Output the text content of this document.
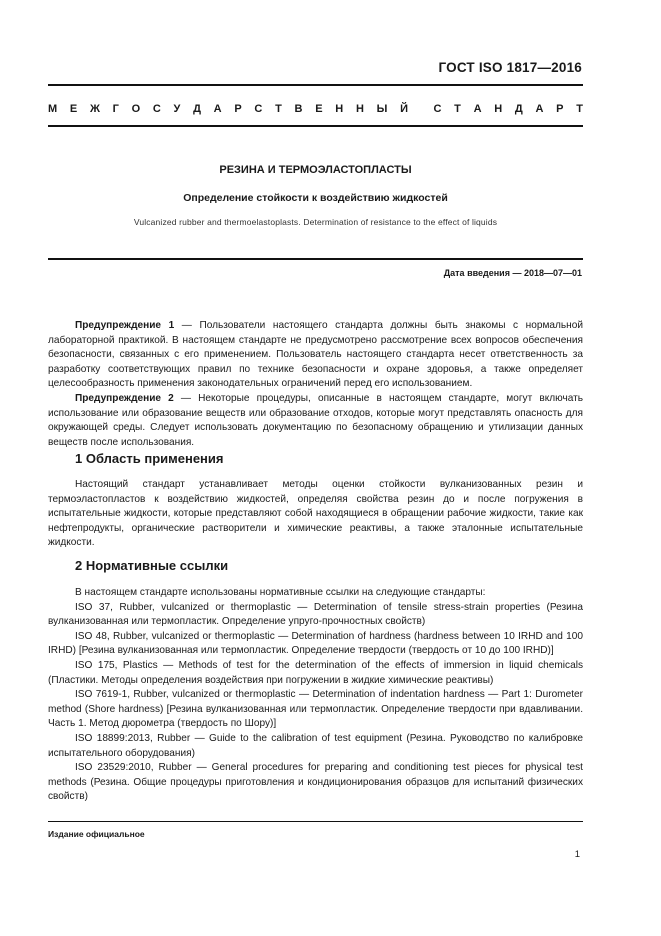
ГОСТ ISO 1817—2016
М Е Ж Г О С У Д А Р С Т В Е Н Н Ы Й С Т А Н Д А Р Т
РЕЗИНА И ТЕРМОЭЛАСТОПЛАСТЫ
Определение стойкости к воздействию жидкостей
Vulcanized rubber and thermoelastoplasts. Determination of resistance to the effect of liquids
Дата введения — 2018—07—01

Предупреждение 1 — Пользователи настоящего стандарта должны быть знакомы с нормальной лабораторной практикой. В настоящем стандарте не предусмотрено рассмотрение всех вопросов обеспечения безопасности, связанных с его применением. Пользователь настоящего стандарта несет ответственность за разработку соответствующих правил по технике безопасности и охране здоровья, а также определяет целесообразность применения законодательных ограничений перед его использованием.

Предупреждение 2 — Некоторые процедуры, описанные в настоящем стандарте, могут включать использование или образование веществ или образование отходов, которые могут представлять опасность для окружающей среды. Следует использовать документацию по безопасному обращению и утилизации данных веществ после использования.

1 Область применения

Настоящий стандарт устанавливает методы оценки стойкости вулканизованных резин и термоэластопластов к воздействию жидкостей, определяя свойства резин до и после погружения в испытательные жидкости, которые представляют собой находящиеся в обращении рабочие жидкости, такие как нефтепродукты, органические растворители и химические реактивы, а также эталонные испытательные жидкости.

2 Нормативные ссылки

В настоящем стандарте использованы нормативные ссылки на следующие стандарты:

ISO 37, Rubber, vulcanized or thermoplastic — Determination of tensile stress-strain properties (Резина вулканизованная или термопластик. Определение упруго-прочностных свойств)

ISO 48, Rubber, vulcanized or thermoplastic — Determination of hardness (hardness between 10 IRHD and 100 IRHD) [Резина вулканизованная или термопластик. Определение твердости (твердость от 10 до 100 IRHD)]

ISO 175, Plastics — Methods of test for the determination of the effects of immersion in liquid chemicals (Пластики. Методы определения воздействия при погружении в жидкие химические реактивы)

ISO 7619-1, Rubber, vulcanized or thermoplastic — Determination of indentation hardness — Part 1: Durometer method (Shore hardness) [Резина вулканизованная или термопластик. Определение твердости при вдавливании. Часть 1. Метод дюрометра (твердость по Шору)]

ISO 18899:2013, Rubber — Guide to the calibration of test equipment (Резина. Руководство по калибровке испытательного оборудования)

ISO 23529:2010, Rubber — General procedures for preparing and conditioning test pieces for physical test methods (Резина. Общие процедуры приготовления и кондиционирования образцов для испытаний физических свойств)

Издание официальное
1
